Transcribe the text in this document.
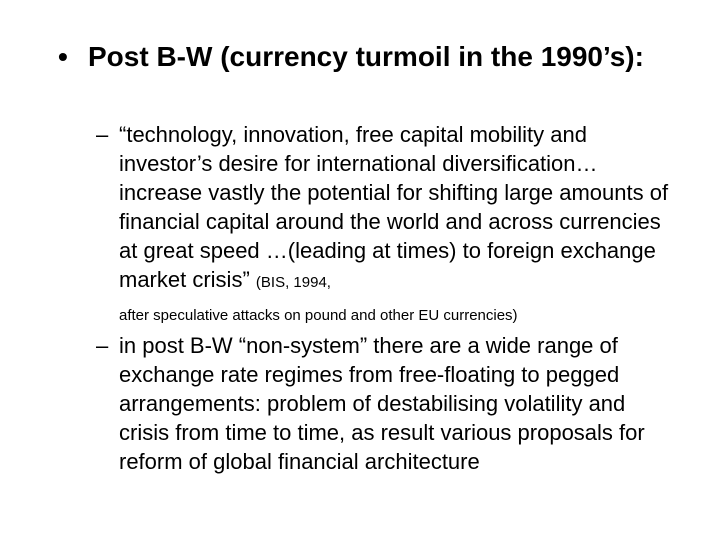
• Post B-W (currency turmoil in the 1990’s):
– “technology, innovation, free capital mobility and investor’s desire for international diversification… increase vastly the potential for shifting large amounts of financial capital around the world and across currencies at great speed …(leading at times) to foreign exchange market crisis” (BIS, 1994,
after speculative attacks on pound and other EU currencies)
– in post B-W “non-system” there are a wide range of exchange rate regimes from free-floating to pegged arrangements: problem of destabilising volatility and crisis from time to time, as result various proposals for reform of global financial architecture
